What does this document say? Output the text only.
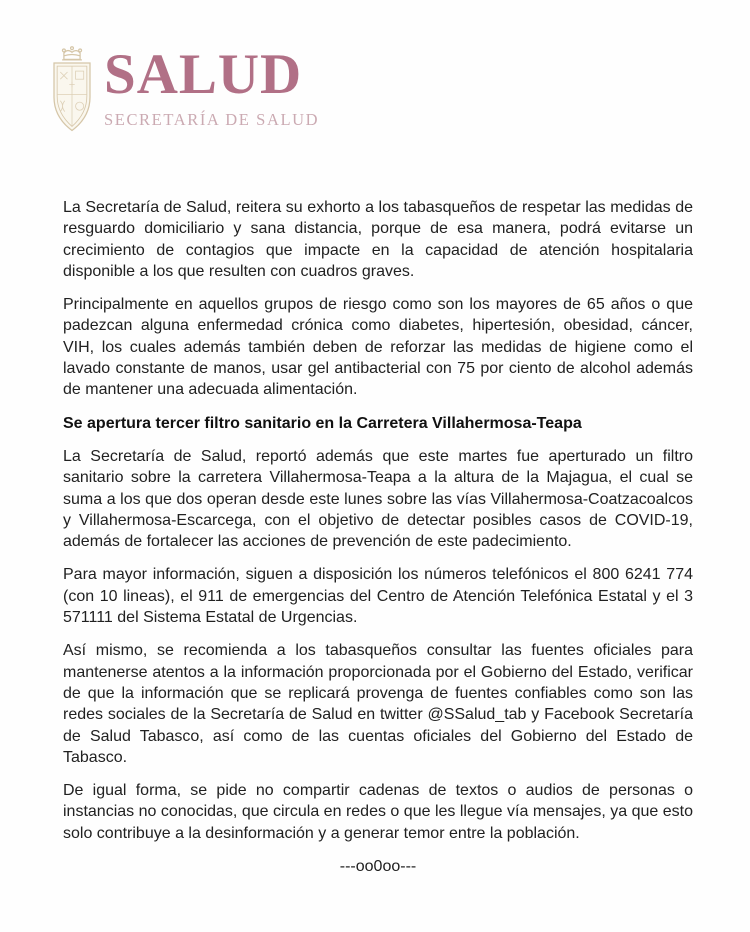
SALUD
SECRETARÍA DE SALUD

La Secretaría de Salud, reitera su exhorto a los tabasqueños de respetar las medidas de resguardo domiciliario y sana distancia, porque de esa manera, podrá evitarse un crecimiento de contagios que impacte en la capacidad de atención hospitalaria disponible a los que resulten con cuadros graves.

Principalmente en aquellos grupos de riesgo como son los mayores de 65 años o que padezcan alguna enfermedad crónica como diabetes, hipertesión, obesidad, cáncer, VIH, los cuales además también deben de reforzar las medidas de higiene como el lavado constante de manos, usar gel antibacterial con 75 por ciento de alcohol además de mantener una adecuada alimentación.

Se apertura tercer filtro sanitario en la Carretera Villahermosa-Teapa

La Secretaría de Salud, reportó además que este martes fue aperturado un filtro sanitario sobre la carretera Villahermosa-Teapa a la altura de la Majagua, el cual se suma a los que dos operan desde este lunes sobre las vías Villahermosa-Coatzacoalcos y Villahermosa-Escarcega, con el objetivo de detectar posibles casos de COVID-19, además de fortalecer las acciones de prevención de este padecimiento.

Para mayor información, siguen a disposición los números telefónicos el 800 6241 774 (con 10 lineas), el 911 de emergencias del Centro de Atención Telefónica Estatal y el 3 571111 del Sistema Estatal de Urgencias.

Así mismo, se recomienda a los tabasqueños consultar las fuentes oficiales para mantenerse atentos a la información proporcionada por el Gobierno del Estado, verificar de que la información que se replicará provenga de fuentes confiables como son las redes sociales de la Secretaría de Salud en twitter @SSalud_tab y Facebook Secretaría de Salud Tabasco, así como de las cuentas oficiales del Gobierno del Estado de Tabasco.

De igual forma, se pide no compartir cadenas de textos o audios de personas o instancias no conocidas, que circula en redes o que les llegue vía mensajes, ya que esto solo contribuye a la desinformación y a generar temor entre la población.

---oo0oo---
